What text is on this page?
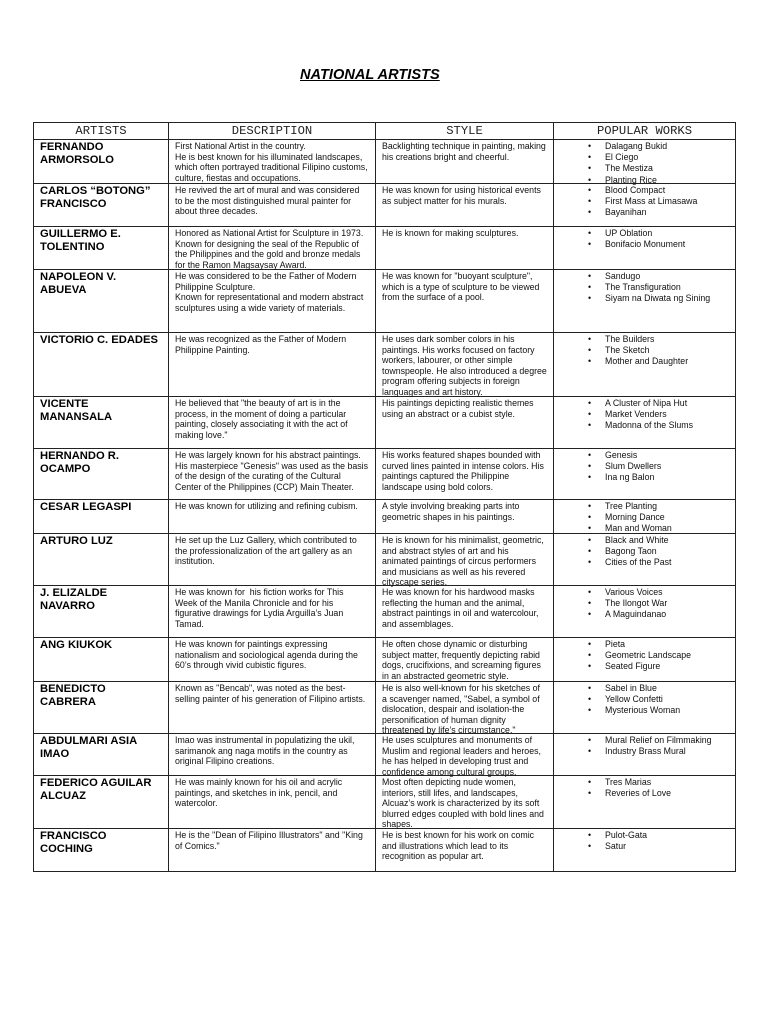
NATIONAL ARTISTS
ARTISTS	DESCRIPTION	STYLE	POPULAR WORKS
FERNANDO
ARMORSOLO
First National Artist in the country.
He is best known for his illuminated landscapes,
which often portrayed traditional Filipino customs,
culture, fiestas and occupations.
Backlighting technique in painting, making
his creations bright and cheerful.
•
Dalagang Bukid
•
El Ciego
•
The Mestiza
•
Planting Rice
CARLOS “BOTONG”
FRANCISCO
He revived the art of mural and was considered
to be the most distinguished mural painter for
about three decades.
He was known for using historical events
as subject matter for his murals.
•
Blood Compact
•
First Mass at Limasawa
•
Bayanihan
GUILLERMO E.
TOLENTINO
Honored as National Artist for Sculpture in 1973.
Known for designing the seal of the Republic of
the Philippines and the gold and bronze medals
for the Ramon Magsaysay Award.
He is known for making sculptures.
•	UP Oblation
•
Bonifacio Monument
NAPOLEON V.
ABUEVA
He was considered to be the Father of Modern
Philippine Sculpture.
Known for representational and modern abstract
sculptures using a wide variety of materials.
He was known for "buoyant sculpture",
which is a type of sculpture to be viewed
from the surface of a pool.
•
Sandugo
•
The Transfiguration
•
Siyam na Diwata ng Sining
VICTORIO C. EDADES	He was recognized as the Father of Modern
Philippine Painting.
He uses dark somber colors in his
paintings. His works focused on factory
workers, labourer, or other simple
townspeople. He also introduced a degree
program offering subjects in foreign
languages and art history.
•
The Builders
•
The Sketch
•
Mother and Daughter
VICENTE
MANANSALA
He believed that "the beauty of art is in the
process, in the moment of doing a particular
painting, closely associating it with the act of
making love."
His paintings depicting realistic themes
using an abstract or a cubist style.
•
A Cluster of Nipa Hut
•
Market Venders
•
Madonna of the Slums
HERNANDO R.
OCAMPO
He was largely known for his abstract paintings.
His masterpiece "Genesis" was used as the basis
of the design of the curating of the Cultural
Center of the Philippines (CCP) Main Theater.
His works featured shapes bounded with
curved lines painted in intense colors. His
paintings captured the Philippine
landscape using bold colors.
•
Genesis
•
Slum Dwellers
•
Ina ng Balon
CESAR LEGASPI	He was known for utilizing and refining cubism.	A style involving breaking parts into
geometric shapes in his paintings.
•
Tree Planting
•
Morning Dance
•
Man and Woman
ARTURO LUZ	He set up the Luz Gallery, which contributed to
the professionalization of the art gallery as an
institution.
He is known for his minimalist, geometric,
and abstract styles of art and his
animated paintings of circus performers
and musicians as well as his revered
cityscape series.
•
Black and White
•
Bagong Taon
•
Cities of the Past
J. ELIZALDE
NAVARRO
He was known for  his fiction works for This
Week of the Manila Chronicle and for his
figurative drawings for Lydia Arguilla’s Juan
Tamad.
He was known for his hardwood masks
reflecting the human and the animal,
abstract paintings in oil and watercolour,
and assemblages.
•
Various Voices
•
The Ilongot War
•
A Maguindanao
ANG KIUKOK	He was known for paintings expressing
nationalism and sociological agenda during the
60’s through vivid cubistic figures.
He often chose dynamic or disturbing
subject matter, frequently depicting rabid
dogs, crucifixions, and screaming figures
in an abstracted geometric style.
•
Pieta
•
Geometric Landscape
•
Seated Figure
BENEDICTO
CABRERA
Known as "Bencab", was noted as the best-
selling painter of his generation of Filipino artists.
He is also well-known for his sketches of
a scavenger named, "Sabel, a symbol of
dislocation, despair and isolation-the
personification of human dignity
threatened by life’s circumstance."
•
Sabel in Blue
•
Yellow Confetti
•
Mysterious Woman
ABDULMARI ASIA
IMAO
Imao was instrumental in populatizing the ukil,
sarimanok ang naga motifs in the country as
original Filipino creations.
He uses sculptures and monuments of
Muslim and regional leaders and heroes,
he has helped in developing trust and
confidence among cultural groups.
•
Mural Relief on Filmmaking
•
Industry Brass Mural
FEDERICO AGUILAR
ALCUAZ
He was mainly known for his oil and acrylic
paintings, and sketches in ink, pencil, and
watercolor.
Most often depicting nude women,
interiors, still lifes, and landscapes,
Alcuaz’s work is characterized by its soft
blurred edges coupled with bold lines and
shapes.
•
Tres Marias
•
Reveries of Love
FRANCISCO
COCHING
He is the "Dean of Filipino Illustrators" and "King
of Comics."
He is best known for his work on comic
and illustrations which lead to its
recognition as popular art.
•
Pulot-Gata
•
Satur
